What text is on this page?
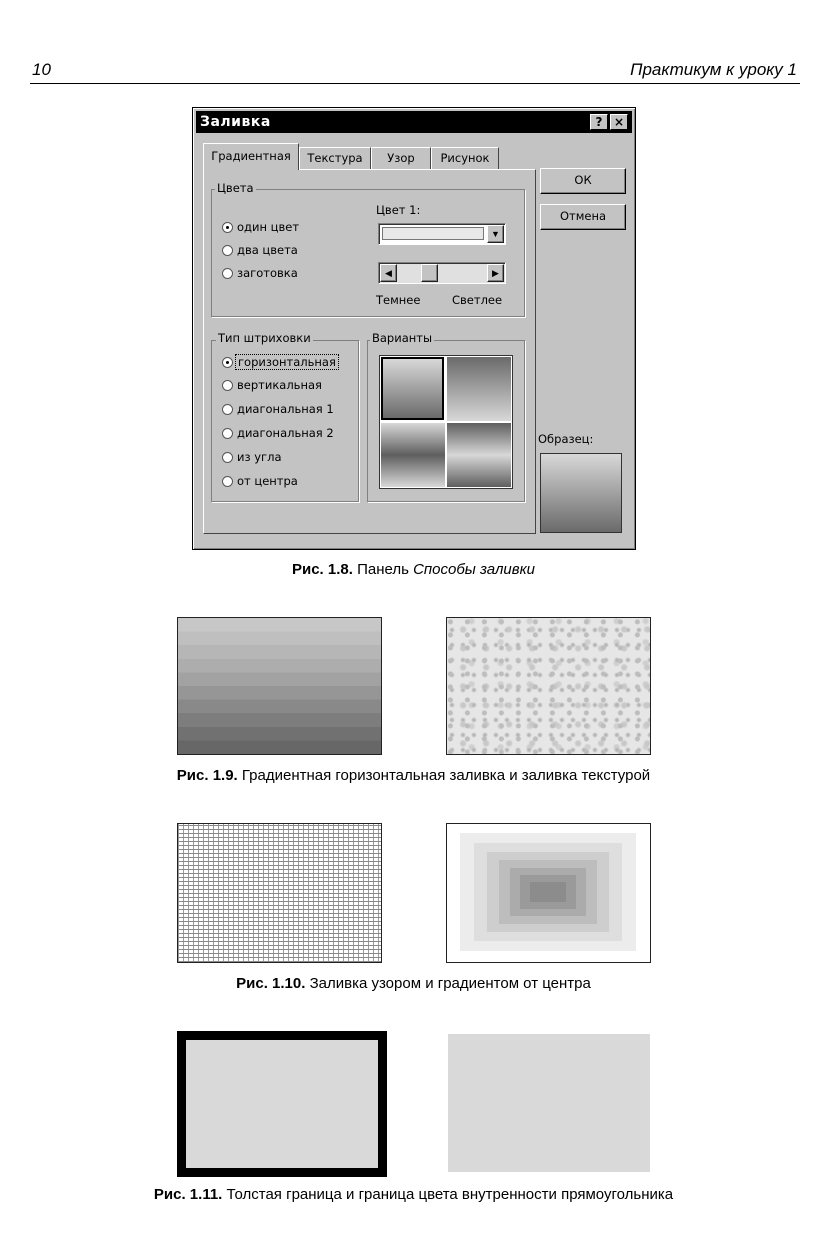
10	Практикум к уроку 1
Заливка	? ×
Градиентная	Текстура	Узор	Рисунок
ОК
Отмена
Цвета
один цвет
два цвета
заготовка
Цвет 1:
▼
◀	▶
Темнее	Светлее
Тип штриховки
горизонтальная
вертикальная
диагональная 1
диагональная 2
из угла
от центра
Варианты
Образец:
Рис. 1.8. Панель Способы заливки
Рис. 1.9. Градиентная горизонтальная заливка и заливка текстурой
Рис. 1.10. Заливка узором и градиентом от центра
Рис. 1.11. Толстая граница и граница цвета внутренности прямоугольника
